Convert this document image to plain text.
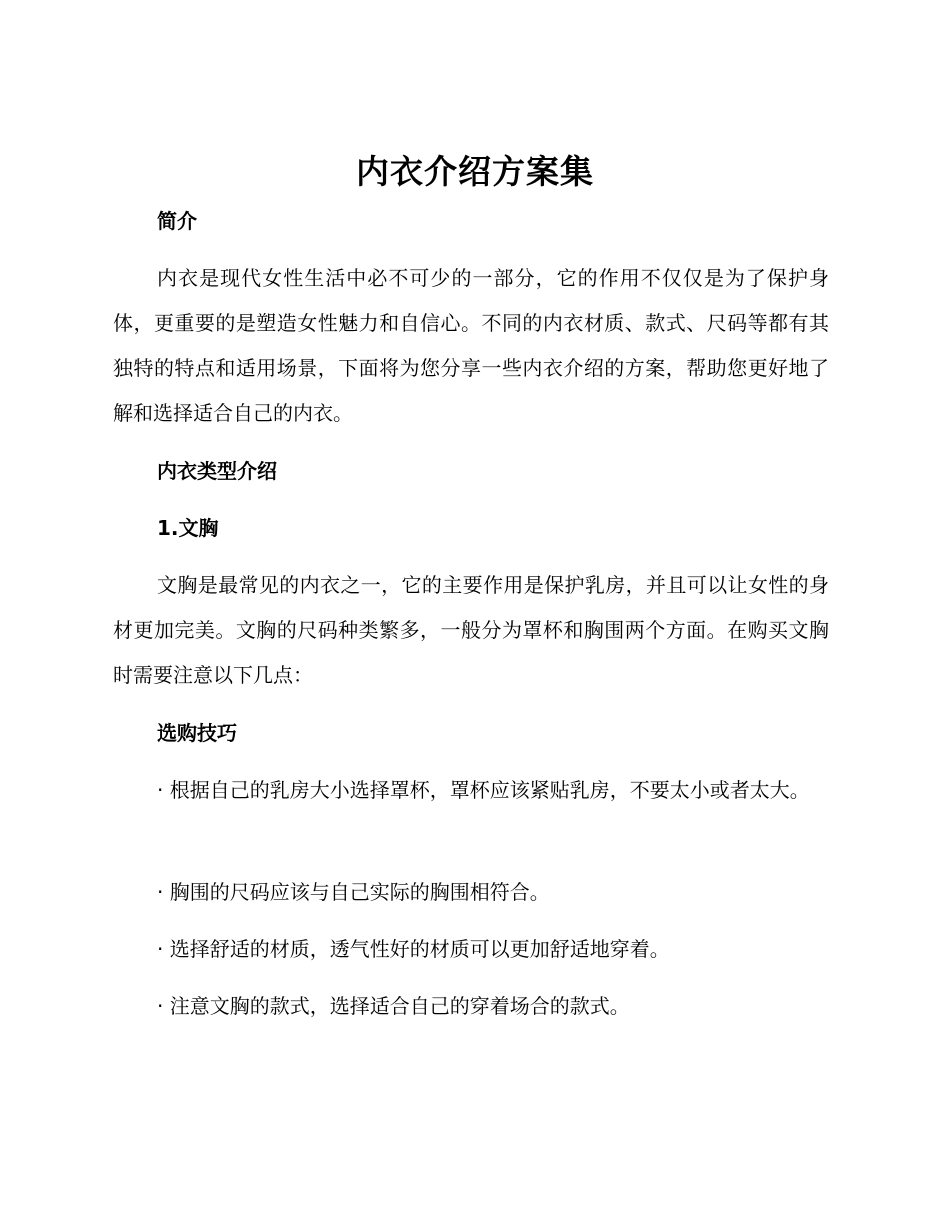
内衣介绍方案集
简介
内衣是现代女性生活中必不可少的一部分，它的作用不仅仅是为了保护身体，更重要的是塑造女性魅力和自信心。不同的内衣材质、款式、尺码等都有其独特的特点和适用场景，下面将为您分享一些内衣介绍的方案，帮助您更好地了解和选择适合自己的内衣。
内衣类型介绍
1.文胸
文胸是最常见的内衣之一，它的主要作用是保护乳房，并且可以让女性的身材更加完美。文胸的尺码种类繁多，一般分为罩杯和胸围两个方面。在购买文胸时需要注意以下几点：
选购技巧
· 根据自己的乳房大小选择罩杯，罩杯应该紧贴乳房，不要太小或者太大。
· 胸围的尺码应该与自己实际的胸围相符合。
· 选择舒适的材质，透气性好的材质可以更加舒适地穿着。
· 注意文胸的款式，选择适合自己的穿着场合的款式。
